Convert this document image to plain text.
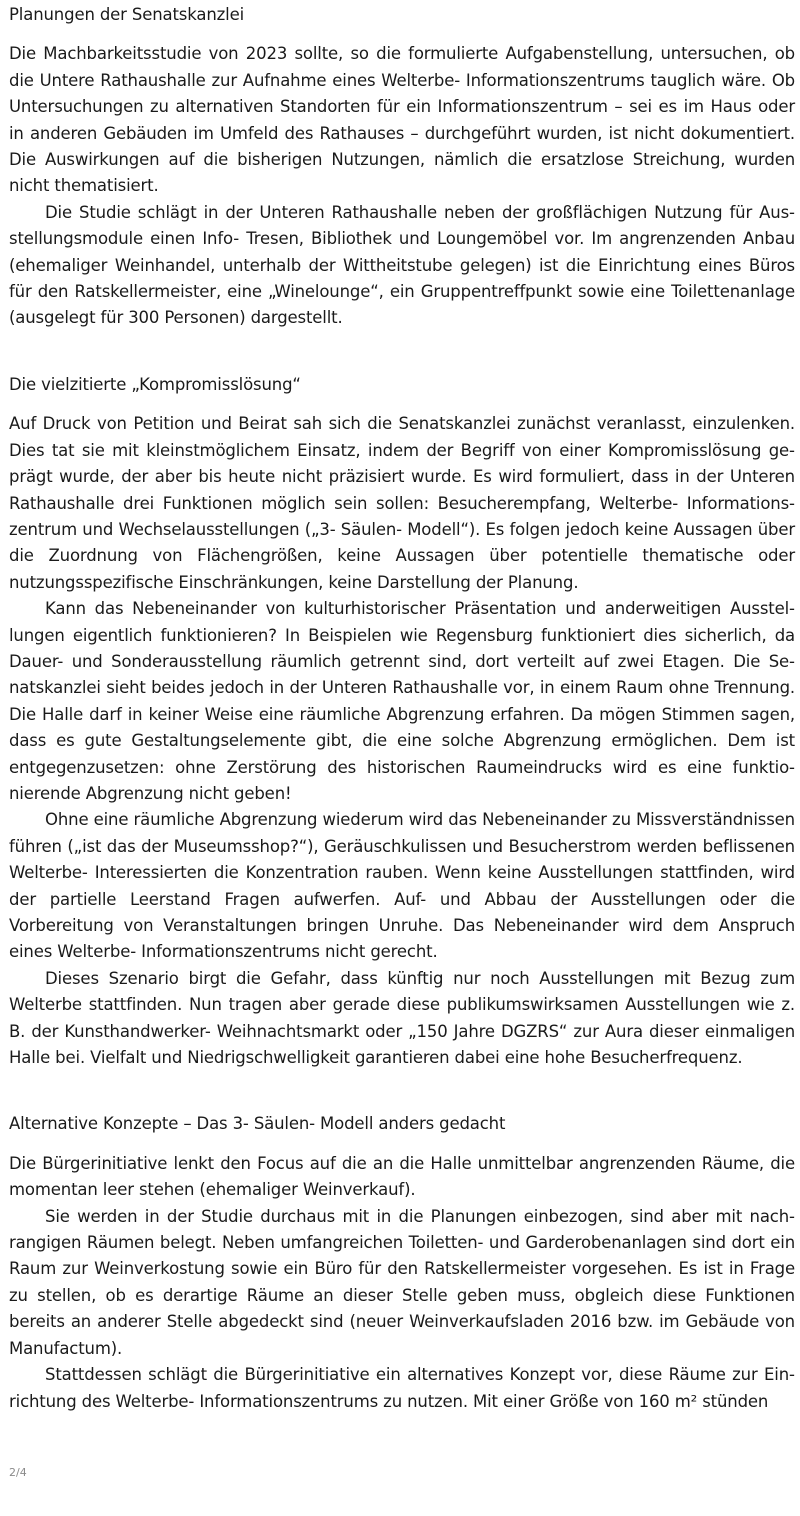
Planungen der Senatskanzlei

Die Machbarkeitsstudie von 2023 sollte, so die formulierte Aufgabenstellung, untersuchen, ob die Untere Rathaushalle zur Aufnahme eines Welterbe- Informationszentrums tauglich wäre. Ob Untersuchungen zu alternativen Standorten für ein Informationszentrum – sei es im Haus oder in anderen Gebäuden im Umfeld des Rathauses – durchgeführt wurden, ist nicht dokumentiert. Die Auswirkungen auf die bisherigen Nutzungen, nämlich die ersatzlose Streichung, wurden nicht thematisiert.

Die Studie schlägt in der Unteren Rathaushalle neben der großflächigen Nutzung für Ausstellungsmodule einen Info- Tresen, Bibliothek und Loungemöbel vor. Im angrenzenden Anbau (ehemaliger Weinhandel, unterhalb der Wittheitstube gelegen) ist die Einrichtung eines Büros für den Ratskellermeister, eine „Winelounge“, ein Gruppentreffpunkt sowie eine Toilettenanlage (ausgelegt für 300 Personen) dargestellt.

Die vielzitierte „Kompromisslösung“

Auf Druck von Petition und Beirat sah sich die Senatskanzlei zunächst veranlasst, einzulenken. Dies tat sie mit kleinstmöglichem Einsatz, indem der Begriff von einer Kompromisslösung geprägt wurde, der aber bis heute nicht präzisiert wurde. Es wird formuliert, dass in der Unteren Rathaushalle drei Funktionen möglich sein sollen: Besucherempfang, Welterbe- Informationszentrum und Wechselausstellungen („3- Säulen- Modell“). Es folgen jedoch keine Aussagen über die Zuordnung von Flächengrößen, keine Aussagen über potentielle thematische oder nutzungsspezifische Einschränkungen, keine Darstellung der Planung.

Kann das Nebeneinander von kulturhistorischer Präsentation und anderweitigen Ausstellungen eigentlich funktionieren? In Beispielen wie Regensburg funktioniert dies sicherlich, da Dauer- und Sonderausstellung räumlich getrennt sind, dort verteilt auf zwei Etagen. Die Senatskanzlei sieht beides jedoch in der Unteren Rathaushalle vor, in einem Raum ohne Trennung. Die Halle darf in keiner Weise eine räumliche Abgrenzung erfahren. Da mögen Stimmen sagen, dass es gute Gestaltungselemente gibt, die eine solche Abgrenzung ermöglichen. Dem ist entgegenzusetzen: ohne Zerstörung des historischen Raumeindrucks wird es eine funktionierende Abgrenzung nicht geben!

Ohne eine räumliche Abgrenzung wiederum wird das Nebeneinander zu Missverständnissen führen („ist das der Museumsshop?“), Geräuschkulissen und Besucherstrom werden beflissenen Welterbe- Interessierten die Konzentration rauben. Wenn keine Ausstellungen stattfinden, wird der partielle Leerstand Fragen aufwerfen. Auf- und Abbau der Ausstellungen oder die Vorbereitung von Veranstaltungen bringen Unruhe. Das Nebeneinander wird dem Anspruch eines Welterbe- Informationszentrums nicht gerecht.

Dieses Szenario birgt die Gefahr, dass künftig nur noch Ausstellungen mit Bezug zum Welterbe stattfinden. Nun tragen aber gerade diese publikumswirksamen Ausstellungen wie z. B. der Kunsthandwerker- Weihnachtsmarkt oder „150 Jahre DGZRS“ zur Aura dieser einmaligen Halle bei. Vielfalt und Niedrigschwelligkeit garantieren dabei eine hohe Besucherfrequenz.

Alternative Konzepte – Das 3- Säulen- Modell anders gedacht

Die Bürgerinitiative lenkt den Focus auf die an die Halle unmittelbar angrenzenden Räume, die momentan leer stehen (ehemaliger Weinverkauf).

Sie werden in der Studie durchaus mit in die Planungen einbezogen, sind aber mit nachrangigen Räumen belegt. Neben umfangreichen Toiletten- und Garderobenanlagen sind dort ein Raum zur Weinverkostung sowie ein Büro für den Ratskellermeister vorgesehen. Es ist in Frage zu stellen, ob es derartige Räume an dieser Stelle geben muss, obgleich diese Funktionen bereits an anderer Stelle abgedeckt sind (neuer Weinverkaufsladen 2016 bzw. im Gebäude von Manufactum).

Stattdessen schlägt die Bürgerinitiative ein alternatives Konzept vor, diese Räume zur Einrichtung des Welterbe- Informationszentrums zu nutzen. Mit einer Größe von 160 m² stünden

2/4
